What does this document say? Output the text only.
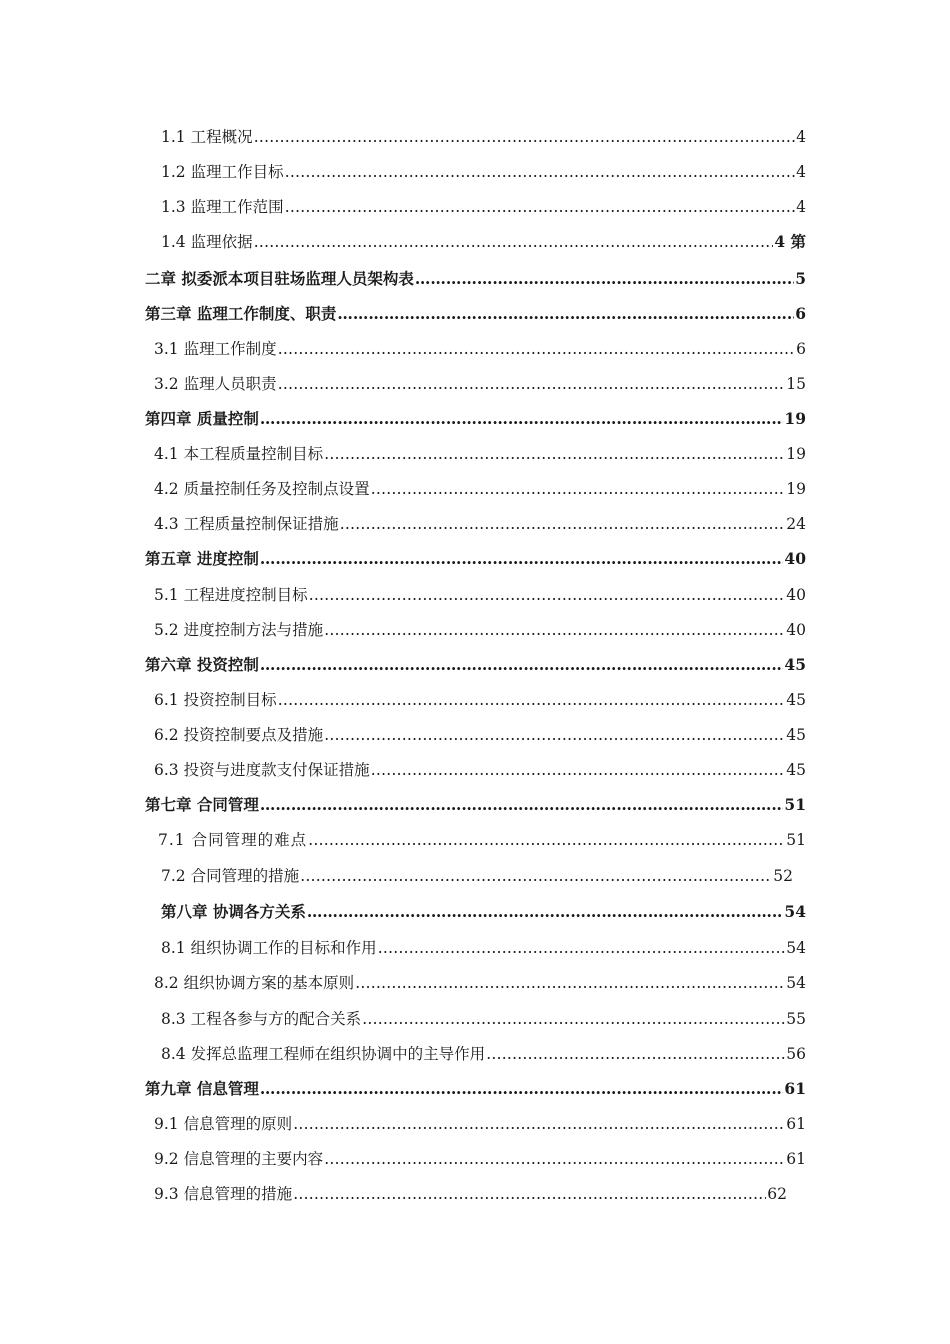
1.1 工程概况 ……………………………………………………………………………………………………………………………………………………………………………………………………………………………………………………	4
1.2 监理工作目标 ……………………………………………………………………………………………………………………………………………………………………………………………………………………………………………………	4
1.3 监理工作范围 ……………………………………………………………………………………………………………………………………………………………………………………………………………………………………………………	4
1.4 监理依据 ……………………………………………………………………………………………………………………………………………………………………………………………………………………………………………………	4 第
二章 拟委派本项目驻场监理人员架构表 ……………………………………………………………………………………………………………………………………………………………………………………………………………………………………………………	5
第三章 监理工作制度、职责 ……………………………………………………………………………………………………………………………………………………………………………………………………………………………………………………	6
3.1 监理工作制度 ……………………………………………………………………………………………………………………………………………………………………………………………………………………………………………………	6
3.2 监理人员职责 ……………………………………………………………………………………………………………………………………………………………………………………………………………………………………………………	15
第四章 质量控制 ……………………………………………………………………………………………………………………………………………………………………………………………………………………………………………………	19
4.1 本工程质量控制目标 ……………………………………………………………………………………………………………………………………………………………………………………………………………………………………………………	19
4.2 质量控制任务及控制点设置 ……………………………………………………………………………………………………………………………………………………………………………………………………………………………………………………	19
4.3 工程质量控制保证措施 ……………………………………………………………………………………………………………………………………………………………………………………………………………………………………………………	24
第五章 进度控制 ……………………………………………………………………………………………………………………………………………………………………………………………………………………………………………………	40
5.1 工程进度控制目标 ……………………………………………………………………………………………………………………………………………………………………………………………………………………………………………………	40
5.2 进度控制方法与措施 ……………………………………………………………………………………………………………………………………………………………………………………………………………………………………………………	40
第六章 投资控制 ……………………………………………………………………………………………………………………………………………………………………………………………………………………………………………………	45
6.1 投资控制目标 ……………………………………………………………………………………………………………………………………………………………………………………………………………………………………………………	45
6.2 投资控制要点及措施 ……………………………………………………………………………………………………………………………………………………………………………………………………………………………………………………	45
6.3 投资与进度款支付保证措施 ……………………………………………………………………………………………………………………………………………………………………………………………………………………………………………………	45
第七章 合同管理 ……………………………………………………………………………………………………………………………………………………………………………………………………………………………………………………	51
7.1 合同管理的难点 ……………………………………………………………………………………………………………………………………………………………………………………………………………………………………………………	51
7.2 合同管理的措施 ……………………………………………………………………………………………………………………………………………………………………………………………………………………………………………………	52
第八章 协调各方关系 ……………………………………………………………………………………………………………………………………………………………………………………………………………………………………………………	54
8.1 组织协调工作的目标和作用 ……………………………………………………………………………………………………………………………………………………………………………………………………………………………………………………	54
8.2 组织协调方案的基本原则 ……………………………………………………………………………………………………………………………………………………………………………………………………………………………………………………	54
8.3 工程各参与方的配合关系 ……………………………………………………………………………………………………………………………………………………………………………………………………………………………………………………	55
8.4 发挥总监理工程师在组织协调中的主导作用 ……………………………………………………………………………………………………………………………………………………………………………………………………………………………………………………	56
第九章 信息管理 ……………………………………………………………………………………………………………………………………………………………………………………………………………………………………………………	61
9.1 信息管理的原则 ……………………………………………………………………………………………………………………………………………………………………………………………………………………………………………………	61
9.2 信息管理的主要内容 ……………………………………………………………………………………………………………………………………………………………………………………………………………………………………………………	61
9.3 信息管理的措施 ……………………………………………………………………………………………………………………………………………………………………………………………………………………………………………………	62
